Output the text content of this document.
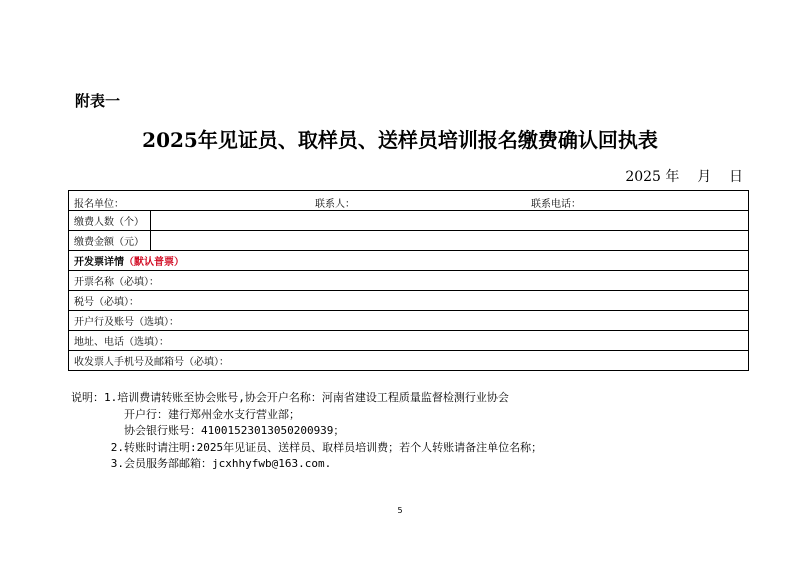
附表一
2025年见证员、取样员、送样员培训报名缴费确认回执表
2025 年    月    日
报名单位： 联系人： 联系电话：	

缴费人数（个）	
缴费金额（元）	
开发票详情（默认普票）	
开票名称（必填）：	
税号（必填）：	
开户行及账号（选填）：	
地址、电话（选填）：	
收发票人手机号及邮箱号（必填）：	
说明：1.培训费请转账至协会账号,协会开户名称：河南省建设工程质量监督检测行业协会
开户行：建行郑州金水支行营业部；
协会银行账号：41001523013050200939；
2.转账时请注明:2025年见证员、送样员、取样员培训费；若个人转账请备注单位名称；
3.会员服务部邮箱：jcxhhyfwb@163.com.
5
